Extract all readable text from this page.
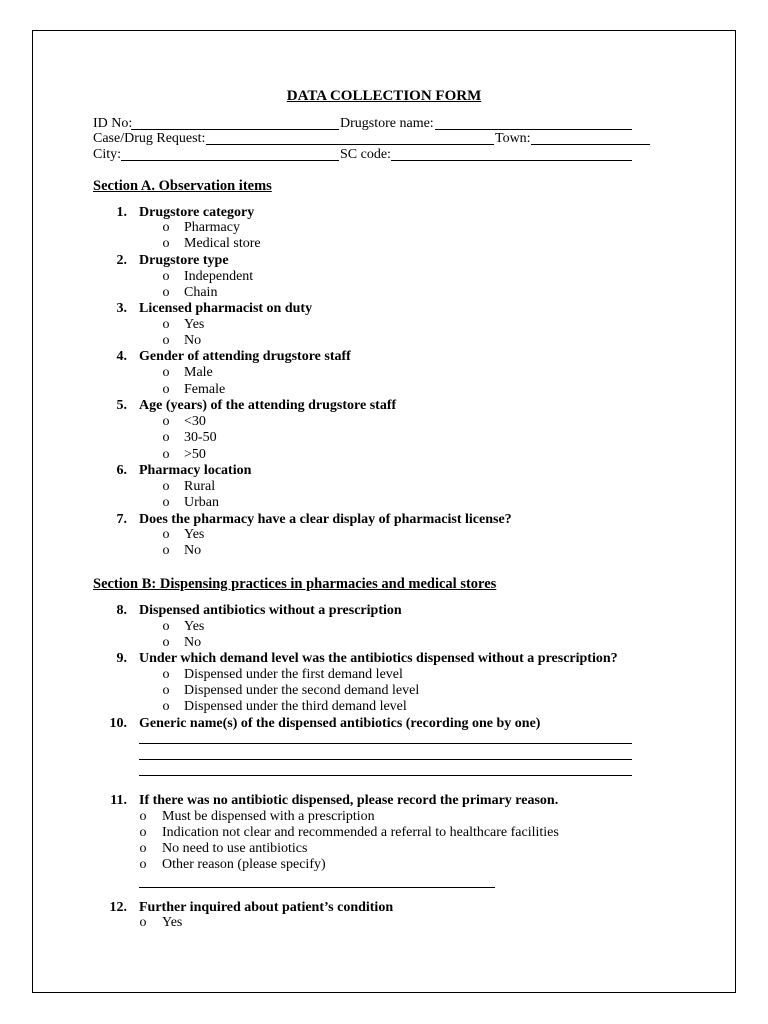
DATA COLLECTION FORM
ID No:	Drugstore name:
Case/Drug Request:	Town:
City:	SC code:
Section A. Observation items
1. Drugstore category
o Pharmacy
o Medical store
2. Drugstore type
o Independent
o Chain
3. Licensed pharmacist on duty
o Yes
o No
4. Gender of attending drugstore staff
o Male
o Female
5. Age (years) of the attending drugstore staff
o <30
o 30-50
o >50
6. Pharmacy location
o Rural
o Urban
7. Does the pharmacy have a clear display of pharmacist license?
o Yes
o No
Section B: Dispensing practices in pharmacies and medical stores
8. Dispensed antibiotics without a prescription
o Yes
o No
9. Under which demand level was the antibiotics dispensed without a prescription?
o Dispensed under the first demand level
o Dispensed under the second demand level
o Dispensed under the third demand level
10. Generic name(s) of the dispensed antibiotics (recording one by one)
11. If there was no antibiotic dispensed, please record the primary reason.
o Must be dispensed with a prescription
o Indication not clear and recommended a referral to healthcare facilities
o No need to use antibiotics
o Other reason (please specify)
12. Further inquired about patient’s condition
o Yes
